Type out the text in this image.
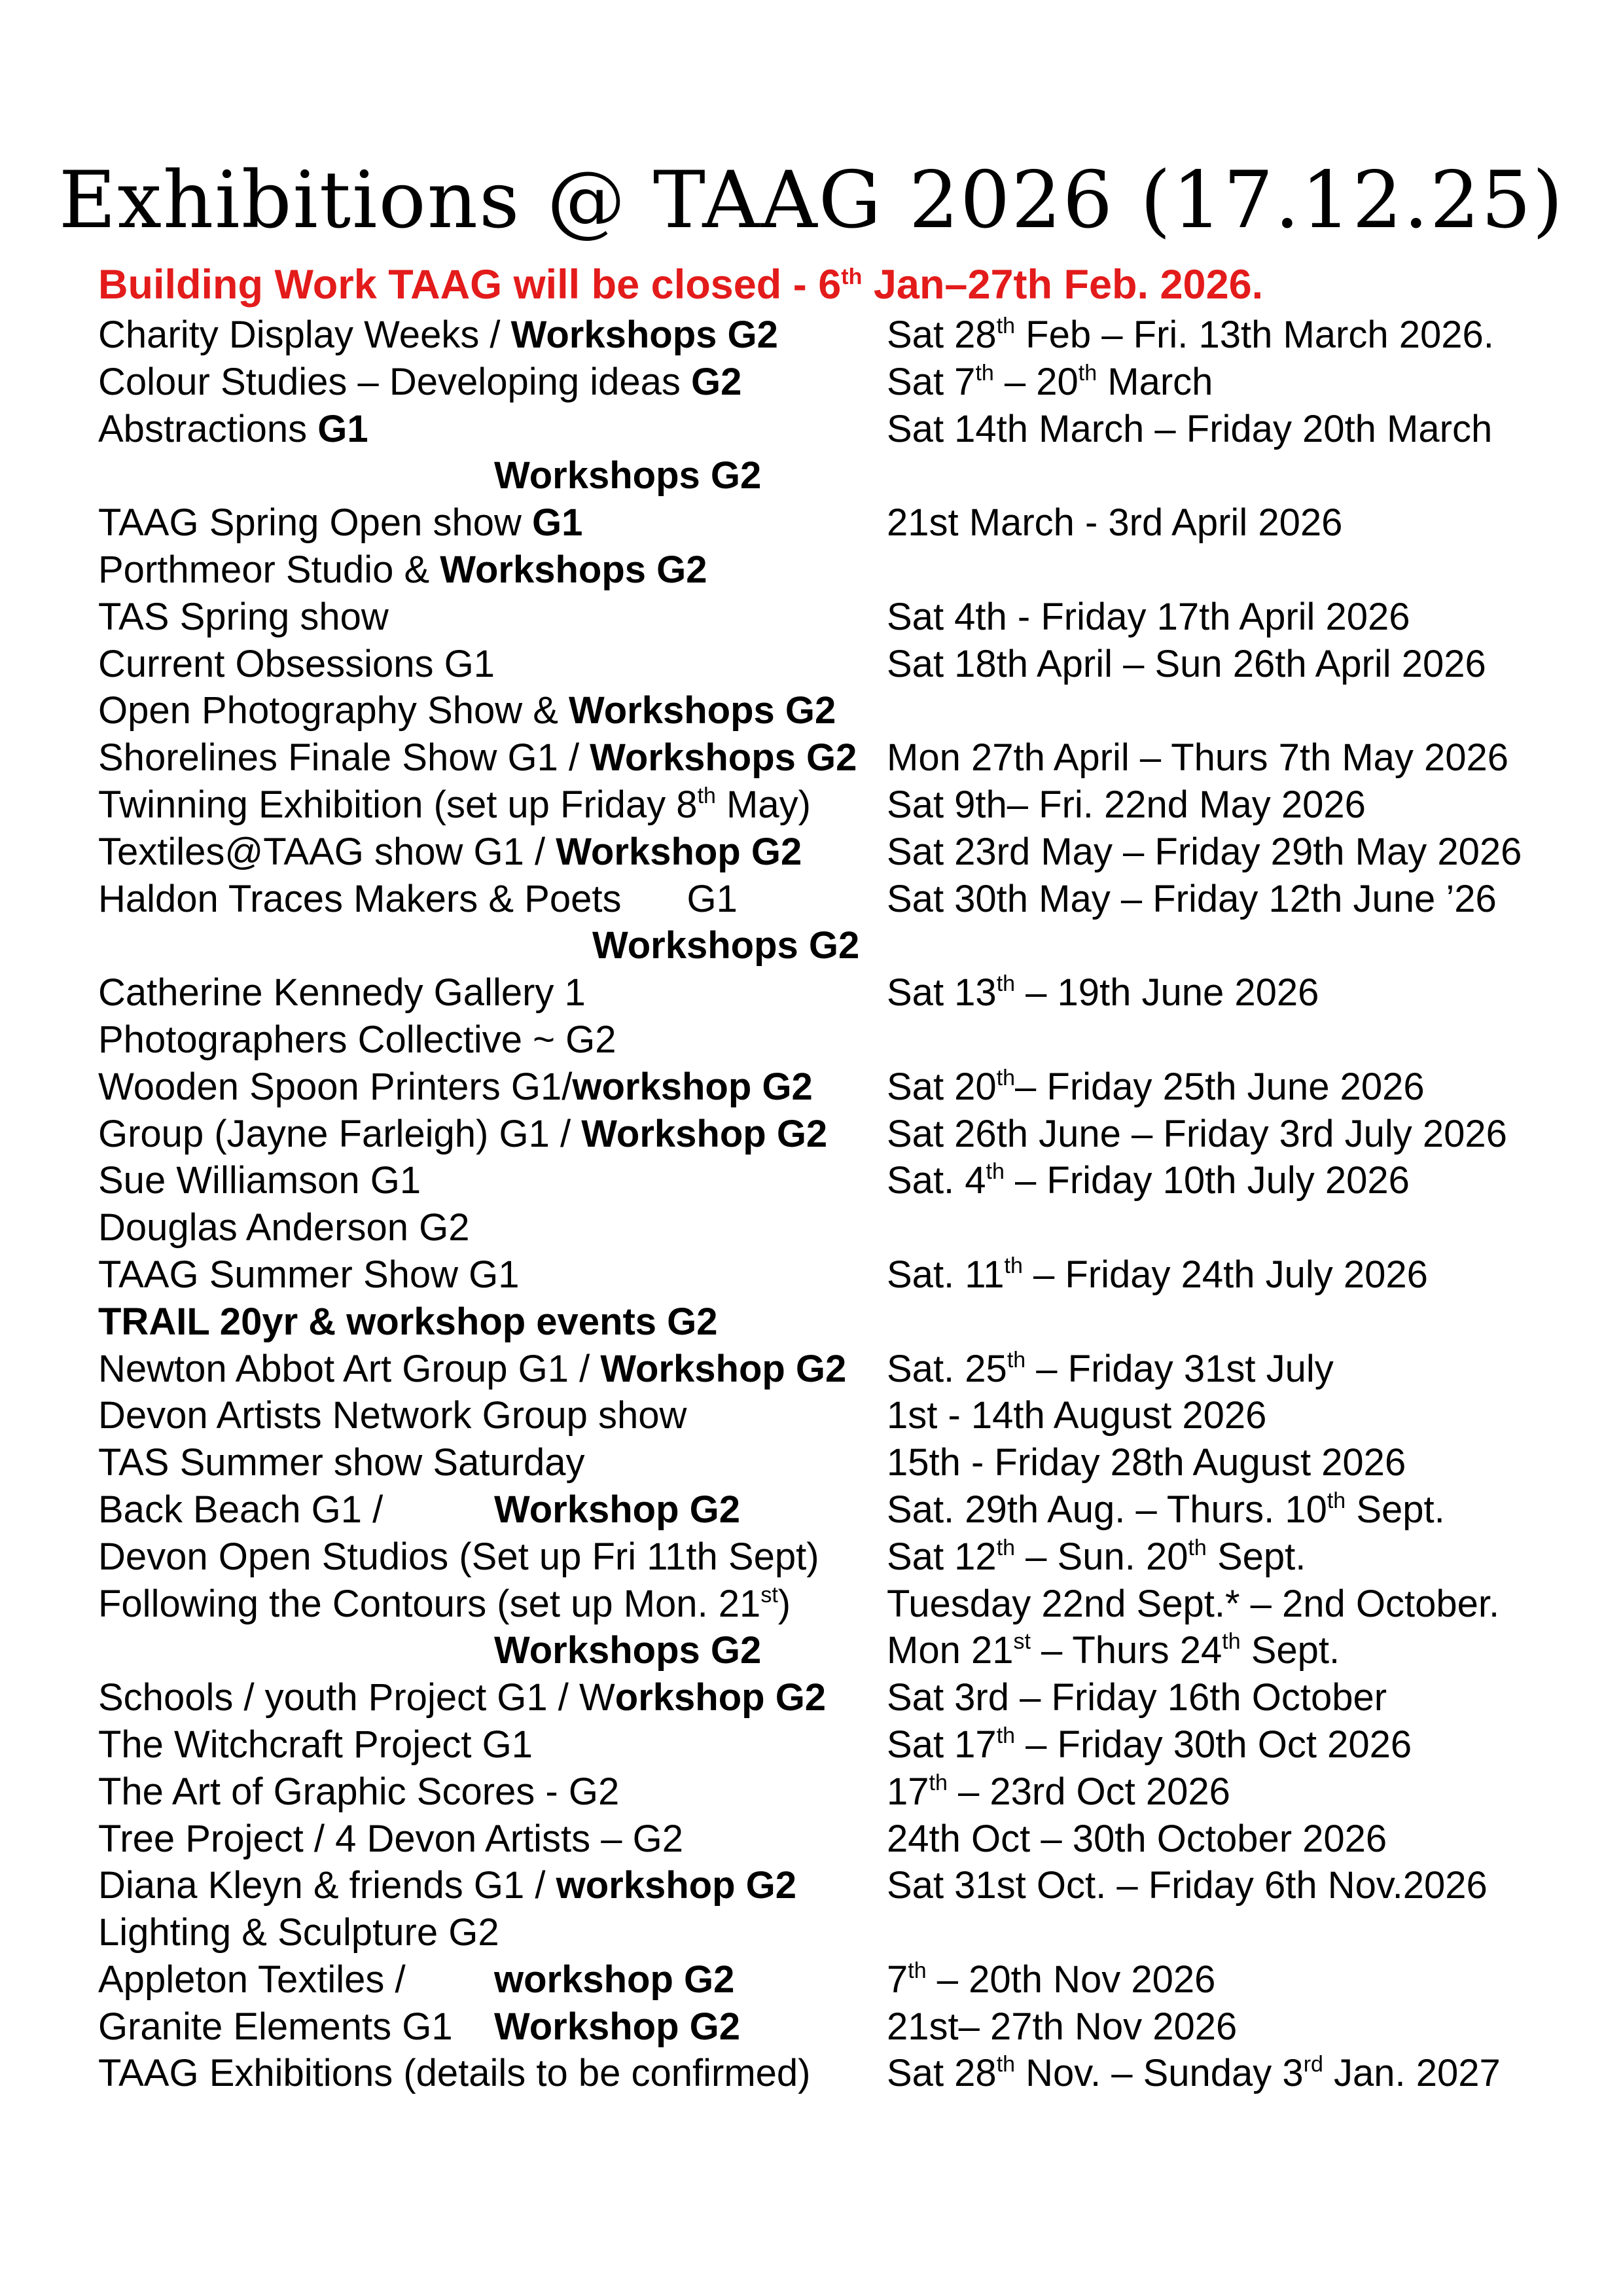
Exhibitions @ TAAG 2026 (17.12.25)
Building Work TAAG will be closed - 6th Jan–27th Feb. 2026.
Charity Display Weeks / Workshops G2	Sat 28th Feb – Fri. 13th March 2026.
Colour Studies – Developing ideas G2	Sat 7th – 20th March
Abstractions G1	Sat 14th March – Friday 20th March
Workshops G2
TAAG Spring Open show G1	21st March - 3rd April 2026
Porthmeor Studio & Workshops G2
TAS Spring show	Sat 4th - Friday 17th April 2026
Current Obsessions G1	Sat 18th April – Sun 26th April 2026
Open Photography Show & Workshops G2
Shorelines Finale Show G1 / Workshops G2 Mon 27th April – Thurs 7th May 2026
Twinning Exhibition (set up Friday 8th May) Sat 9th– Fri. 22nd May 2026
Textiles@TAAG show G1 / Workshop G2 Sat 23rd May – Friday 29th May 2026
Haldon Traces Makers & Poets G1	Sat 30th May – Friday 12th June ’26
Workshops G2
Catherine Kennedy Gallery 1	Sat 13th – 19th June 2026
Photographers Collective ~ G2
Wooden Spoon Printers G1/workshop G2 Sat 20th– Friday 25th June 2026
Group (Jayne Farleigh) G1 / Workshop G2 Sat 26th June – Friday 3rd July 2026
Sue Williamson G1	Sat. 4th – Friday 10th July 2026
Douglas Anderson G2
TAAG Summer Show G1	Sat. 11th – Friday 24th July 2026
TRAIL 20yr & workshop events G2
Newton Abbot Art Group G1 / Workshop G2 Sat. 25th – Friday 31st July
Devon Artists Network Group show	1st - 14th August 2026
TAS Summer show Saturday	15th - Friday 28th August 2026
Back Beach G1 /	Workshop G2	Sat. 29th Aug. – Thurs. 10th Sept.
Devon Open Studios (Set up Fri 11th Sept) Sat 12th – Sun. 20th Sept.
Following the Contours (set up Mon. 21st)	Tuesday 22nd Sept.* – 2nd October.
Workshops G2	Mon 21st – Thurs 24th Sept.
Schools / youth Project G1 / Workshop G2 Sat 3rd – Friday 16th October
The Witchcraft Project G1	Sat 17th – Friday 30th Oct 2026
The Art of Graphic Scores - G2	17th – 23rd Oct 2026
Tree Project / 4 Devon Artists – G2	24th Oct – 30th October 2026
Diana Kleyn & friends G1 / workshop G2 Sat 31st Oct. – Friday 6th Nov.2026
Lighting & Sculpture G2
Appleton Textiles / workshop G2	7th – 20th Nov 2026
Granite Elements G1 Workshop G2	21st– 27th Nov 2026
TAAG Exhibitions (details to be confirmed) Sat 28th Nov. – Sunday 3rd Jan. 2027
